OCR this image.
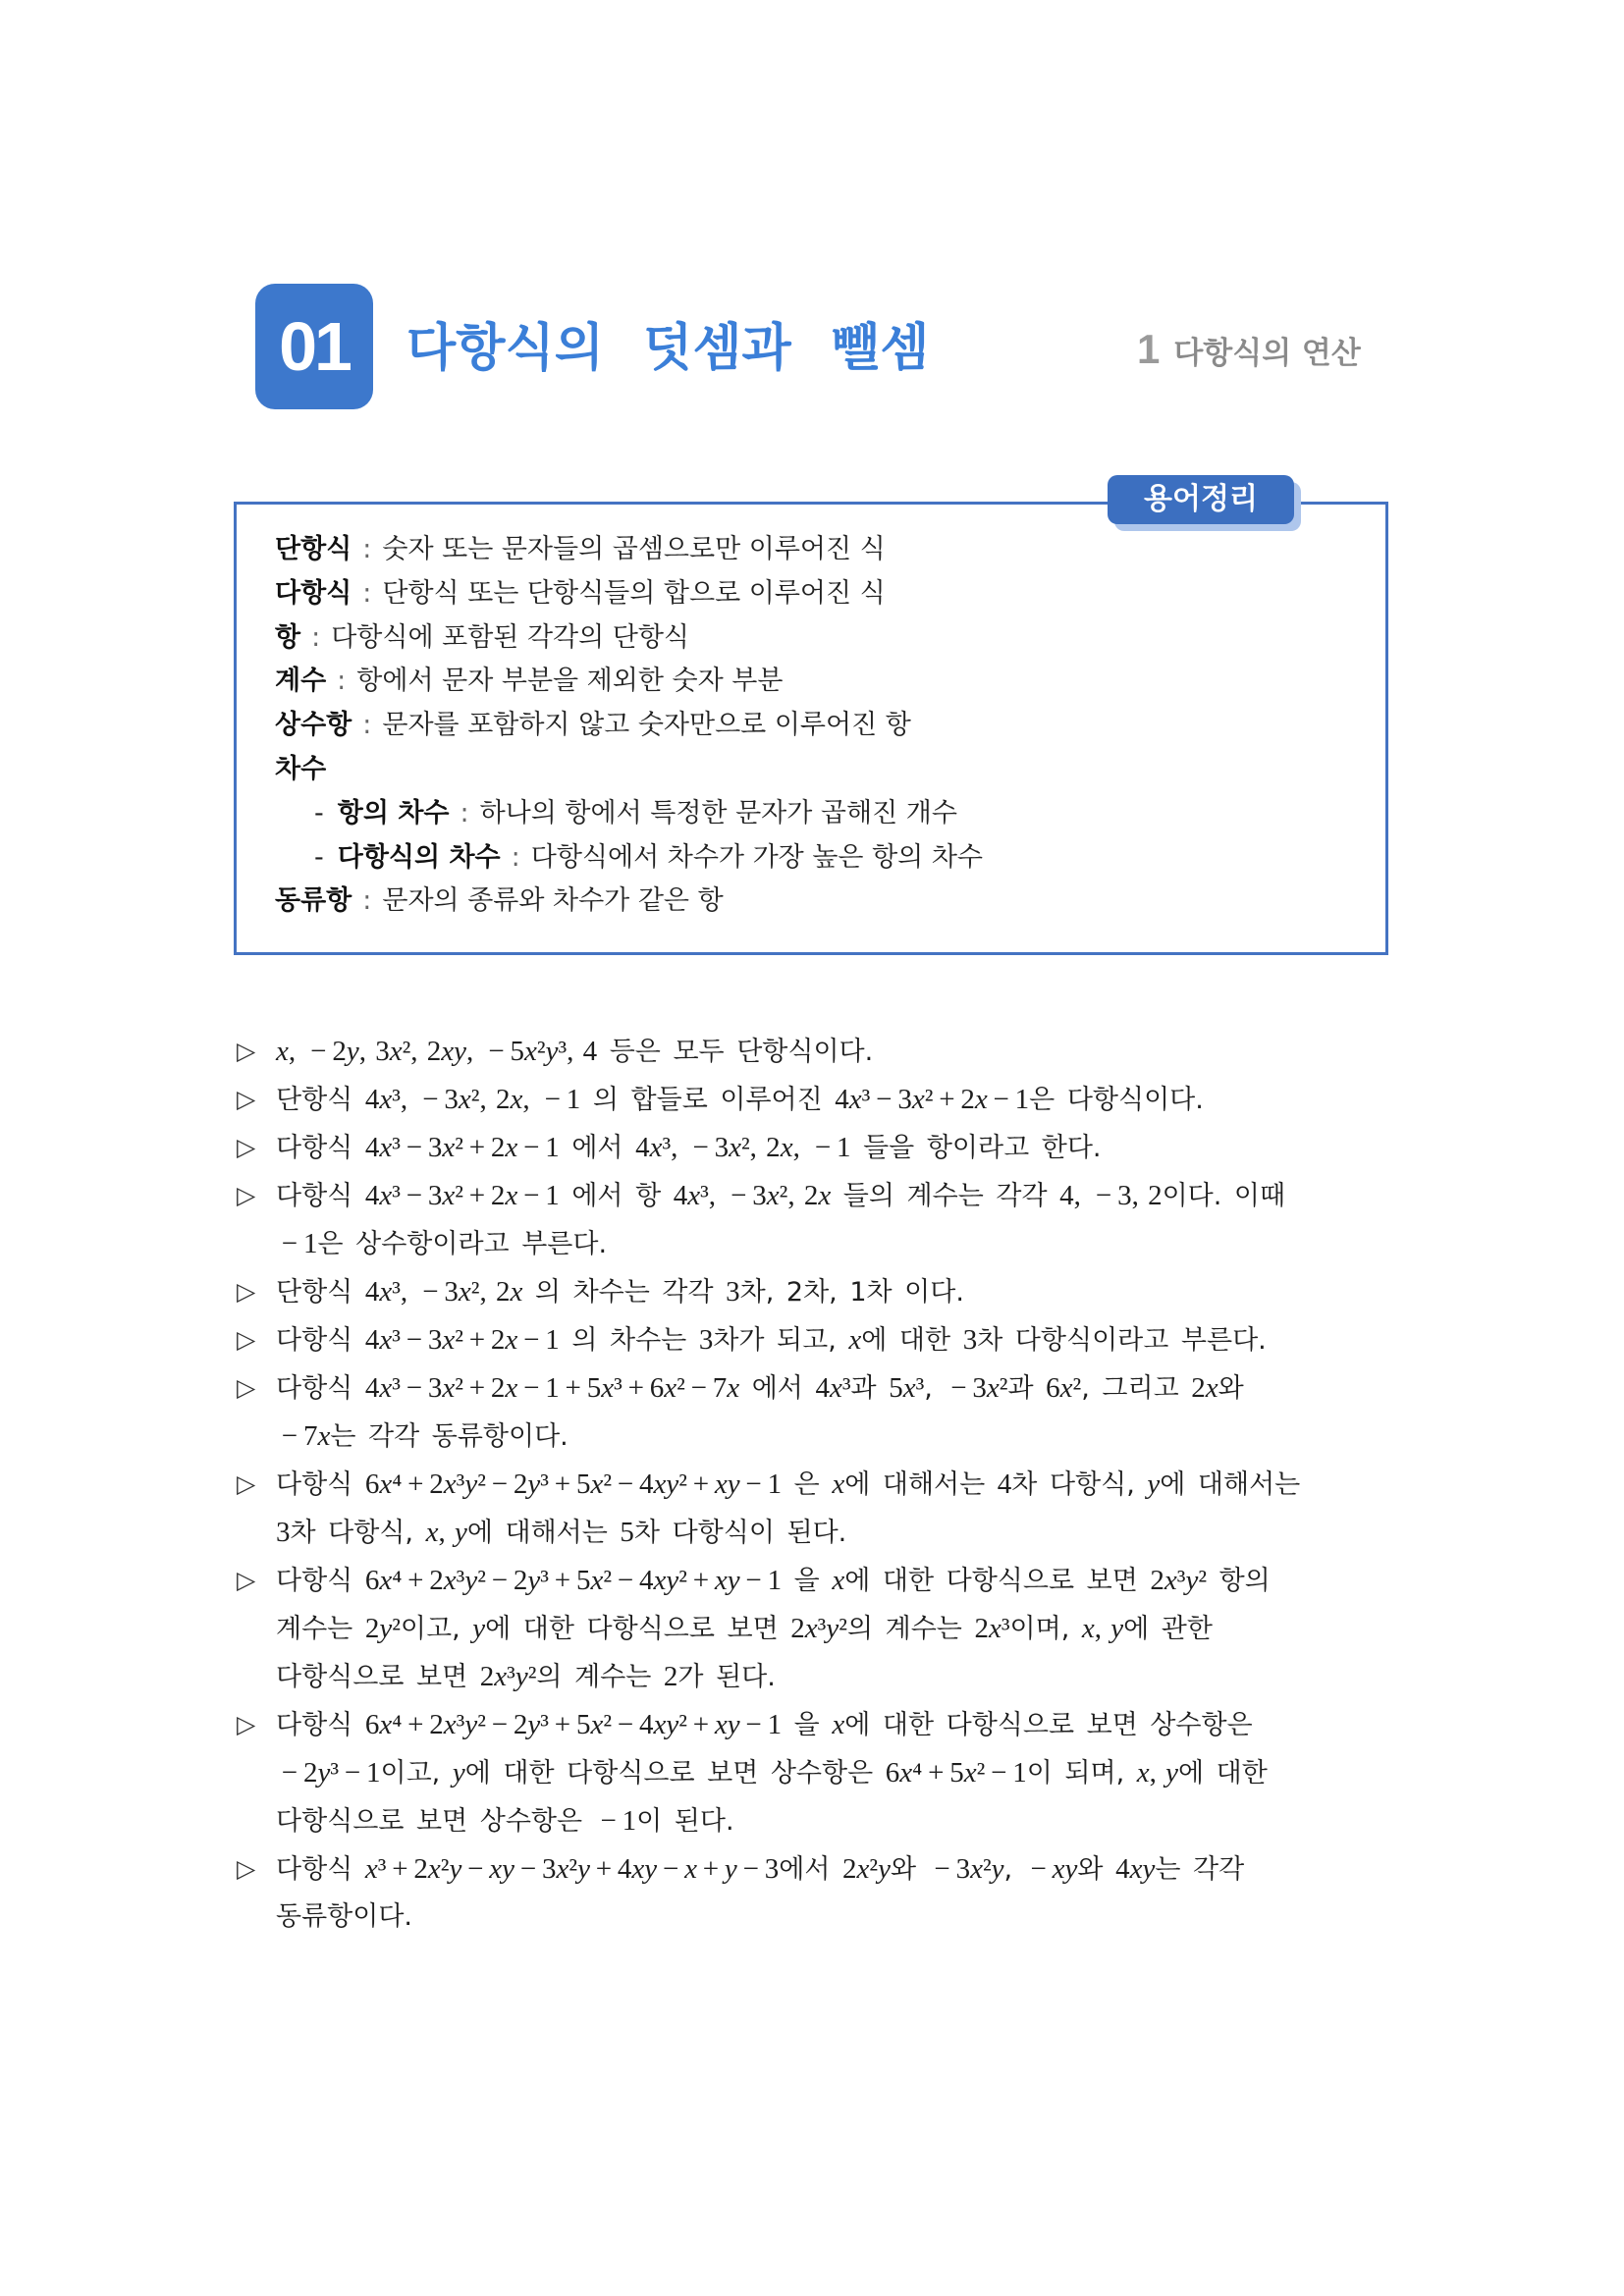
01 다항식의 덧셈과 뺄셈	1 다항식의 연산
단항식 : 숫자 또는 문자들의 곱셈으로만 이루어진 식
다항식 : 단항식 또는 단항식들의 합으로 이루어진 식
항 : 다항식에 포함된 각각의 단항식
계수 : 항에서 문자 부분을 제외한 숫자 부분
상수항 : 문자를 포함하지 않고 숫자만으로 이루어진 항
차수
- 항의 차수 : 하나의 항에서 특정한 문자가 곱해진 개수
- 다항식의 차수 : 다항식에서 차수가 가장 높은 항의 차수
동류항 : 문자의 종류와 차수가 같은 항
용어정리
▷ x, − 2y, 3x², 2xy, − 5x²y³, 4 등은 모두 단항식이다.
▷ 단항식 4x³, − 3x², 2x, − 1 의 합들로 이루어진 4x³ − 3x² + 2x − 1은 다항식이다.
▷ 다항식 4x³ − 3x² + 2x − 1 에서 4x³, − 3x², 2x, − 1 들을 항이라고 한다.
▷ 다항식 4x³ − 3x² + 2x − 1 에서 항 4x³, − 3x², 2x 들의 계수는 각각 4, − 3, 2이다. 이때
− 1은 상수항이라고 부른다.
▷ 단항식 4x³, − 3x², 2x 의 차수는 각각 3차, 2차, 1차 이다.
▷ 다항식 4x³ − 3x² + 2x − 1 의 차수는 3차가 되고, x에 대한 3차 다항식이라고 부른다.
▷ 다항식 4x³ − 3x² + 2x − 1 + 5x³ + 6x² − 7x 에서 4x³과 5x³, − 3x²과 6x², 그리고 2x와
− 7x는 각각 동류항이다.
▷ 다항식 6x⁴ + 2x³y² − 2y³ + 5x² − 4xy² + xy − 1 은 x에 대해서는 4차 다항식, y에 대해서는
3차 다항식, x, y에 대해서는 5차 다항식이 된다.
▷ 다항식 6x⁴ + 2x³y² − 2y³ + 5x² − 4xy² + xy − 1 을 x에 대한 다항식으로 보면 2x³y² 항의
계수는 2y²이고, y에 대한 다항식으로 보면 2x³y²의 계수는 2x³이며, x, y에 관한
다항식으로 보면 2x³y²의 계수는 2가 된다.
▷ 다항식 6x⁴ + 2x³y² − 2y³ + 5x² − 4xy² + xy − 1 을 x에 대한 다항식으로 보면 상수항은
− 2y³ − 1이고, y에 대한 다항식으로 보면 상수항은 6x⁴ + 5x² − 1이 되며, x, y에 대한
다항식으로 보면 상수항은 − 1이 된다.
▷ 다항식 x³ + 2x²y − xy − 3x²y + 4xy − x + y − 3에서 2x²y와 − 3x²y, − xy와 4xy는 각각
동류항이다.
